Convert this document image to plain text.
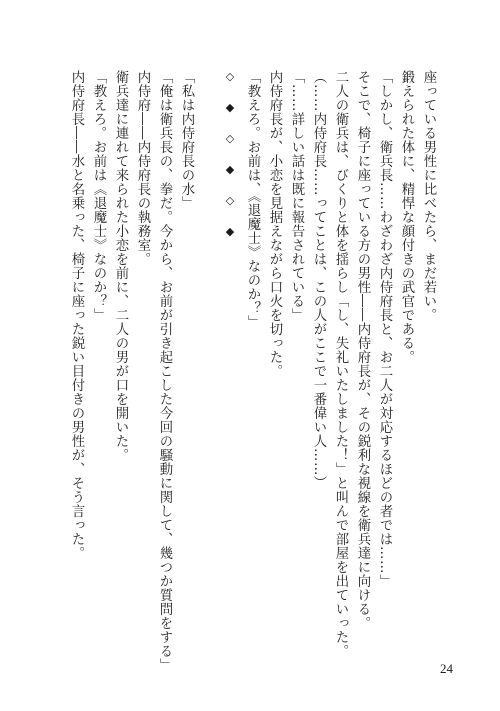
座っている男性に比べたら、まだ若い。
鍛えられた体に、精悍な顔付きの武官である。
「しかし、衛兵長……わざわざ内侍府長と、お二人が対応するほどの者では……」
そこで、椅子に座っている方の男性――内侍府長が、その鋭利な視線を衛兵達に向ける。
二人の衛兵は、びくりと体を揺らし「し、失礼いたしました！」と叫んで部屋を出ていった。
（……内侍府長……ってことは、この人がここで一番偉い人……）
「……詳しい話は既に報告されている」
内侍府長が、小恋を見据えながら口火を切った。
「教えろ。お前は、《退魔士》なのか？」
◇
◆
◇
◆
◇
◆
「私は内侍府長の水」
「俺は衛兵長の、拳だ。今から、お前が引き起こした今回の騒動に関して、幾つか質問をする」
内侍府――内侍府長の執務室。
衛兵達に連れて来られた小恋を前に、二人の男が口を開いた。
「教えろ。お前は《退魔士》なのか？」
内侍府長――水と名乗った、椅子に座った鋭い目付きの男性が、そう言った。
24
